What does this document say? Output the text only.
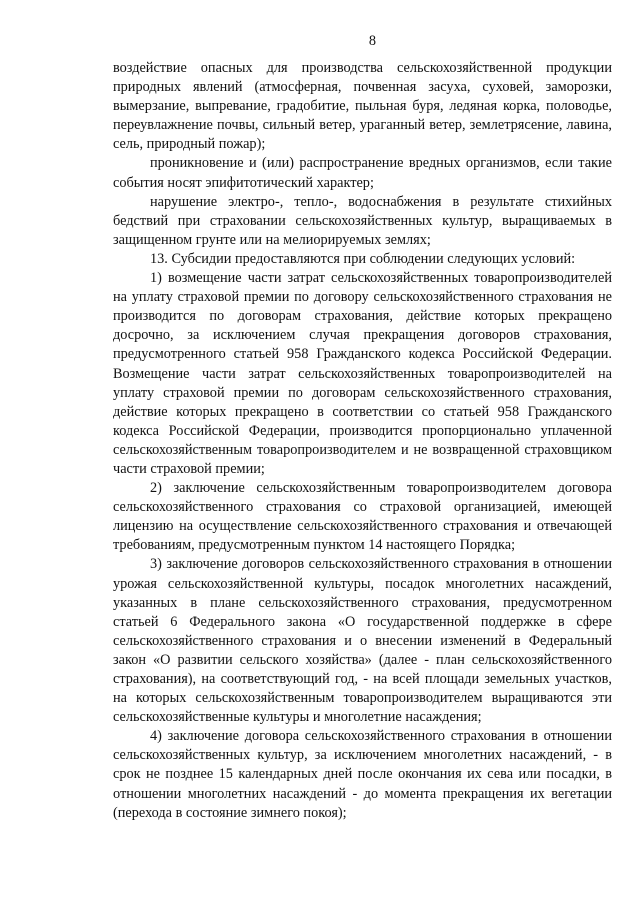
8

воздействие опасных для производства сельскохозяйственной продукции природных явлений (атмосферная, почвенная засуха, суховей, заморозки, вымерзание, выпревание, градобитие, пыльная буря, ледяная корка, половодье, переувлажнение почвы, сильный ветер, ураганный ветер, землетрясение, лавина, сель, природный пожар);

проникновение и (или) распространение вредных организмов, если такие события носят эпифитотический характер;

нарушение электро-, тепло-, водоснабжения в результате стихийных бедствий при страховании сельскохозяйственных культур, выращиваемых в защищенном грунте или на мелиорируемых землях;

13. Субсидии предоставляются при соблюдении следующих условий:

1) возмещение части затрат сельскохозяйственных товаропроизводителей на уплату страховой премии по договору сельскохозяйственного страхования не производится по договорам страхования, действие которых прекращено досрочно, за исключением случая прекращения договоров страхования, предусмотренного статьей 958 Гражданского кодекса Российской Федерации. Возмещение части затрат сельскохозяйственных товаропроизводителей на уплату страховой премии по договорам сельскохозяйственного страхования, действие которых прекращено в соответствии со статьей 958 Гражданского кодекса Российской Федерации, производится пропорционально уплаченной сельскохозяйственным товаропроизводителем и не возвращенной страховщиком части страховой премии;

2) заключение сельскохозяйственным товаропроизводителем договора сельскохозяйственного страхования со страховой организацией, имеющей лицензию на осуществление сельскохозяйственного страхования и отвечающей требованиям, предусмотренным пунктом 14 настоящего Порядка;

3) заключение договоров сельскохозяйственного страхования в отношении урожая сельскохозяйственной культуры, посадок многолетних насаждений, указанных в плане сельскохозяйственного страхования, предусмотренном статьей 6 Федерального закона «О государственной поддержке в сфере сельскохозяйственного страхования и о внесении изменений в Федеральный закон «О развитии сельского хозяйства» (далее - план сельскохозяйственного страхования), на соответствующий год, - на всей площади земельных участков, на которых сельскохозяйственным товаропроизводителем выращиваются эти сельскохозяйственные культуры и многолетние насаждения;

4) заключение договора сельскохозяйственного страхования в отношении сельскохозяйственных культур, за исключением многолетних насаждений, - в срок не позднее 15 календарных дней после окончания их сева или посадки, в отношении многолетних насаждений - до момента прекращения их вегетации (перехода в состояние зимнего покоя);
